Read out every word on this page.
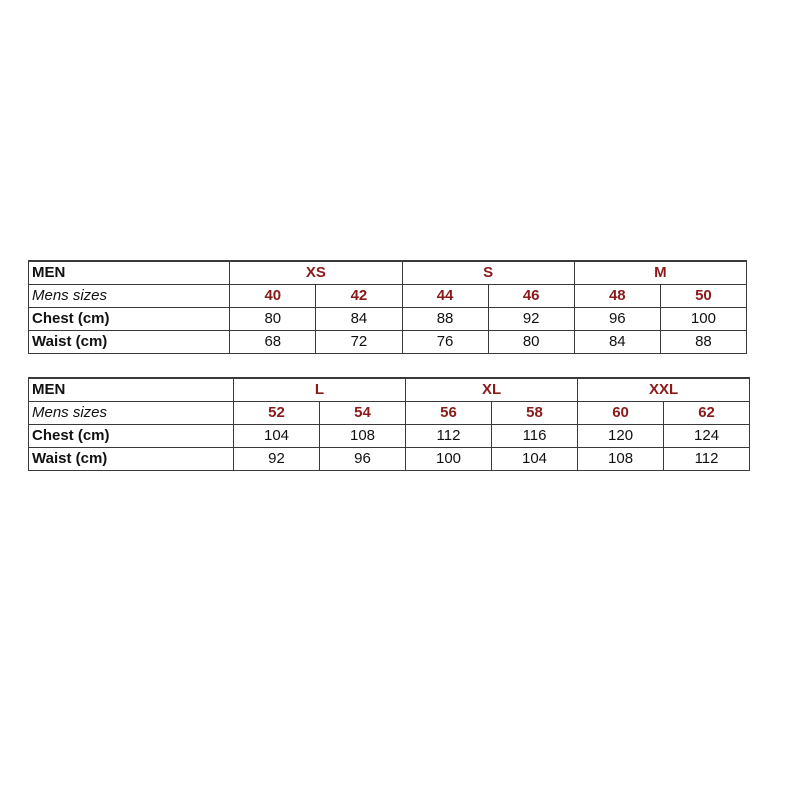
MEN	XS		S		M	
Mens sizes	40	42	44	46	48	50
Chest (cm)	80	84	88	92	96	100
Waist (cm)	68	72	76	80	84	88
MEN	L		XL		XXL	
Mens sizes	52	54	56	58	60	62
Chest (cm)	104	108	112	116	120	124
Waist (cm)	92	96	100	104	108	112
